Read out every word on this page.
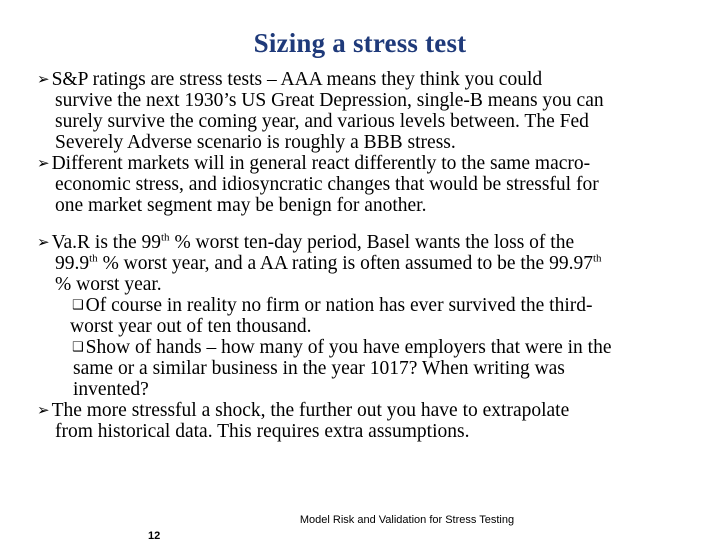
Sizing a stress test
➢ S&P ratings are stress tests – AAA means they think you could
survive the next 1930’s US Great Depression, single-B means you can
surely survive the coming year, and various levels between. The Fed
Severely Adverse scenario is roughly a BBB stress.
➢ Different markets will in general react differently to the same macro-
economic stress, and idiosyncratic changes that would be stressful for
one market segment may be benign for another.
➢ Va.R is the 99th % worst ten-day period, Basel wants the loss of the
99.9th % worst year, and a AA rating is often assumed to be the 99.97th
% worst year.
❑ Of course in reality no firm or nation has ever survived the third-
worst year out of ten thousand.
❑ Show of hands – how many of you have employers that were in the
same or a similar business in the year 1017? When writing was
invented?
➢ The more stressful a shock, the further out you have to extrapolate
from historical data. This requires extra assumptions.
Model Risk and Validation for Stress Testing
12
